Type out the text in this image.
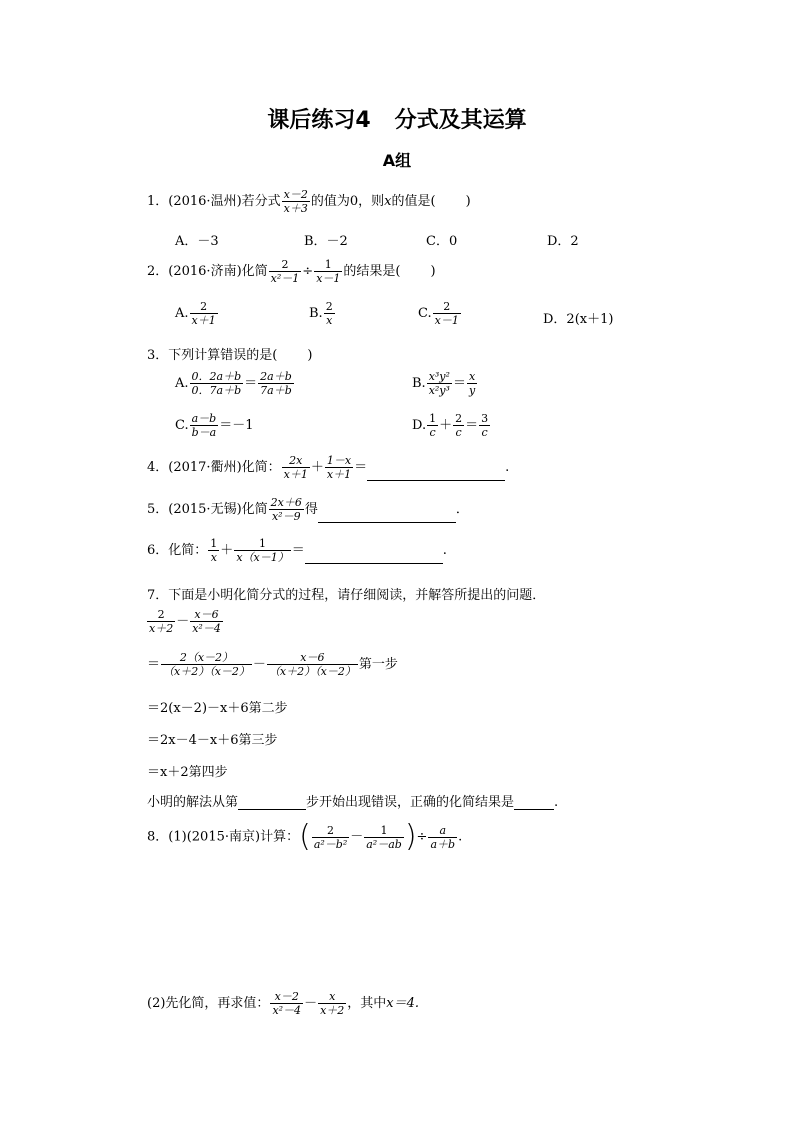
课后练习4 分式及其运算
A组
1．(2016·温州)若分式 $\frac{x-2}{x+3}$ 的值为0，则x的值是( )
A．－3	B．－2	C．0	D．2
2．(2016·济南)化简 $\frac{2}{\text{x²－1}} \div \frac{1}{x-1}$ 的结果是( )
A. $\frac{2}{x+1}$	B. $\frac{2}{x}$	C. $\frac{2}{x-1}$	D．2(x＋1)
3．下列计算错误的是( )
A. $\frac{0.2a+b}{0.7a+b} = \frac{2a+b}{7a+b}$	B. $\frac{\text{x³y²}}{\text{x²y³}} = \frac{x}{y}$
C. $\frac{a-b}{b-a} =-1$	D. $\frac{1}{c} + \frac{2}{c} = \frac{3}{c}$
4．(2017·衢州)化简： $\frac{2x}{x+1} + \frac{1-x}{x+1}$ ＝	.
5．(2015·无锡)化简 $\frac{2x+6}{\text{x²－9}}$ 得	．
6．化简： $\frac{1}{x} + \frac{1}{x(x-1)}$ ＝	.
7．下面是小明化简分式的过程，请仔细阅读，并解答所提出的问题．
$\frac{2}{x+2} - \frac{x-6}{\text{x²－4}}$
＝ $\frac{2(x-2)}{(x+2)(x-2)} - \frac{x-6}{(x+2)(x-2)}$ 第一步
＝2(x－2)－x＋6第二步
＝2x－4－x＋6第三步
＝x＋2第四步
小明的解法从第	步开始出现错误，正确的化简结果是	.
8．(1)(2015·南京)计算：( $\frac{2}{\text{a²－b²}} - \frac{1}{\text{a²－ab}}$ )÷ $\frac{a}{a+b}$ .
(2)先化简，再求值： $\frac{x-2}{\text{x²－4}} - \frac{x}{x+2}$ ，其中x＝4.
